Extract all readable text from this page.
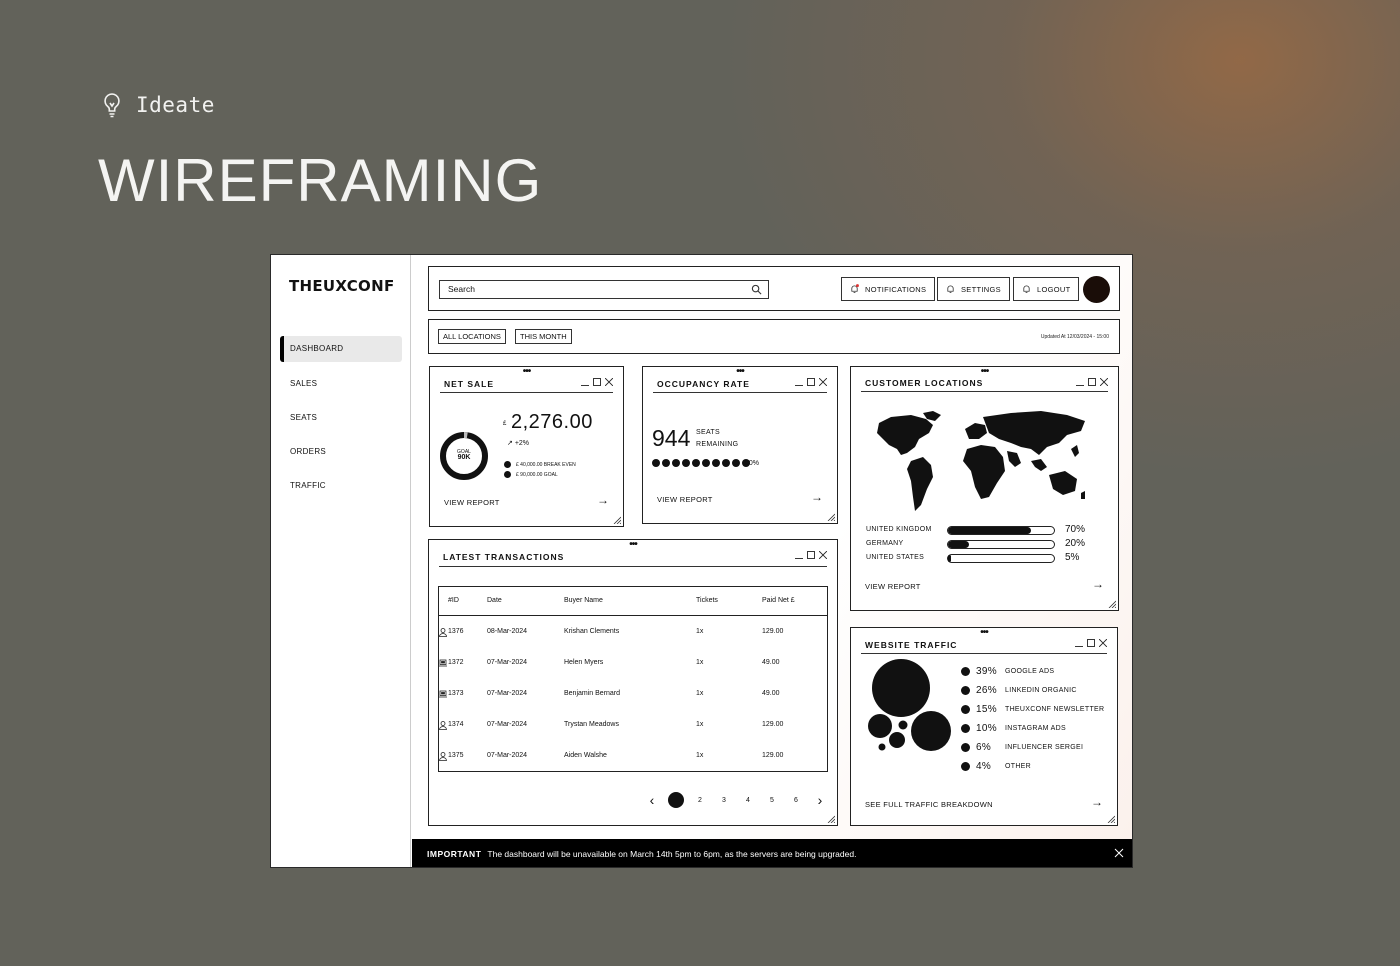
Ideate
WIREFRAMING
THEUXCONF
DASHBOARD
SALES
SEATS
ORDERS
TRAFFIC
Search	NOTIFICATIONS	SETTINGS	LOGOUT
ALL LOCATIONS	THIS MONTH	Updated At 12/03/2024 - 15:00
•••
NET SALE
£ 2,276.00
↗ +2%
GOAL
90K
£ 40,000.00 BREAK EVEN
£ 90,000.00 GOAL
VIEW REPORT	→
•••
OCCUPANCY RATE
944 SEATS
REMAINING
00%
VIEW REPORT	→
•••
CUSTOMER LOCATIONS
UNITED KINGDOM	70%
GERMANY	20%
UNITED STATES	5%
VIEW REPORT	→
•••
LATEST TRANSACTIONS
#ID	Date	Buyer Name	Tickets	Paid Net £
1376	08-Mar-2024	Krishan Clements	1x	129.00
1372	07-Mar-2024	Helen Myers	1x	49.00
1373	07-Mar-2024	Benjamin Bernard	1x	49.00
1374	07-Mar-2024	Trystan Meadows	1x	129.00
1375	07-Mar-2024	Aiden Walshe	1x	129.00
‹	2	3	4	5	6	›
•••
WEBSITE TRAFFIC
39%	GOOGLE ADS
26%	LINKEDIN ORGANIC
15%	THEUXCONF NEWSLETTER
10%	INSTAGRAM ADS
6%	INFLUENCER SERGEI
4%	OTHER
SEE FULL TRAFFIC BREAKDOWN	→
IMPORTANT The dashboard will be unavailable on March 14th 5pm to 6pm, as the servers are being upgraded.
